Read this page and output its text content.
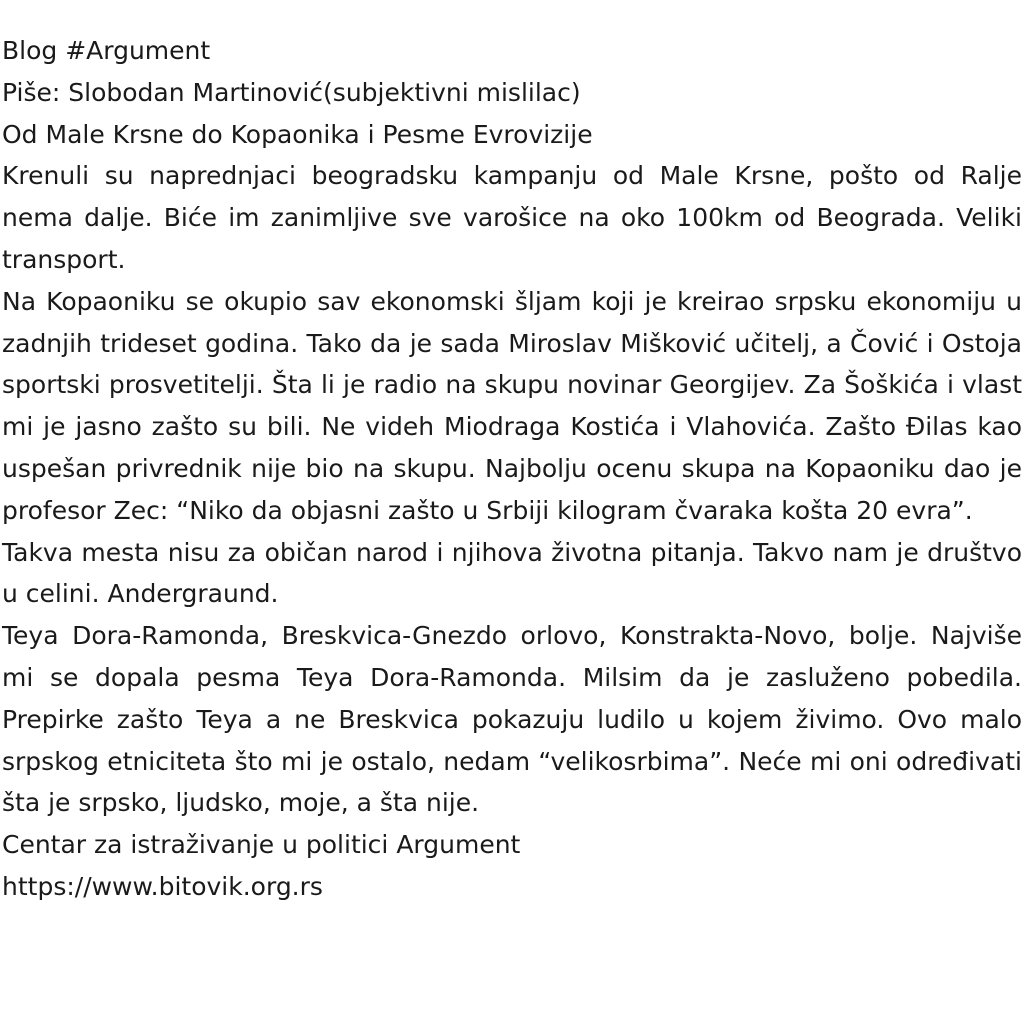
Blog #Argument
Piše: Slobodan Martinović(subjektivni mislilac)
Od Male Krsne do Kopaonika i Pesme Evrovizije

Krenuli su naprednjaci beogradsku kampanju od Male Krsne, pošto od Ralje nema dalje. Biće im zanimljive sve varošice na oko 100km od Beograda. Veliki transport.

Na Kopaoniku se okupio sav ekonomski šljam koji je kreirao srpsku ekonomiju u zadnjih trideset godina. Tako da je sada Miroslav Mišković učitelj, a Čović i Ostoja sportski prosvetitelji. Šta li je radio na skupu novinar Georgijev. Za Šoškića i vlast mi je jasno zašto su bili. Ne videh Miodraga Kostića i Vlahovića. Zašto Đilas kao uspešan privrednik nije bio na skupu. Najbolju ocenu skupa na Kopaoniku dao je profesor Zec: “Niko da objasni zašto u Srbiji kilogram čvaraka košta 20 evra”.

Takva mesta nisu za običan narod i njihova životna pitanja. Takvo nam je društvo u celini. Andergraund.

Teya Dora-Ramonda, Breskvica-Gnezdo orlovo, Konstrakta-Novo, bolje. Najviše mi se dopala pesma Teya Dora-Ramonda. Milsim da je zasluženo pobedila. Prepirke zašto Teya a ne Breskvica pokazuju ludilo u kojem živimo. Ovo malo srpskog etniciteta što mi je ostalo, nedam “velikosrbima”. Neće mi oni određivati šta je srpsko, ljudsko, moje, a šta nije.

Centar za istraživanje u politici Argument
https://www.bitovik.org.rs
